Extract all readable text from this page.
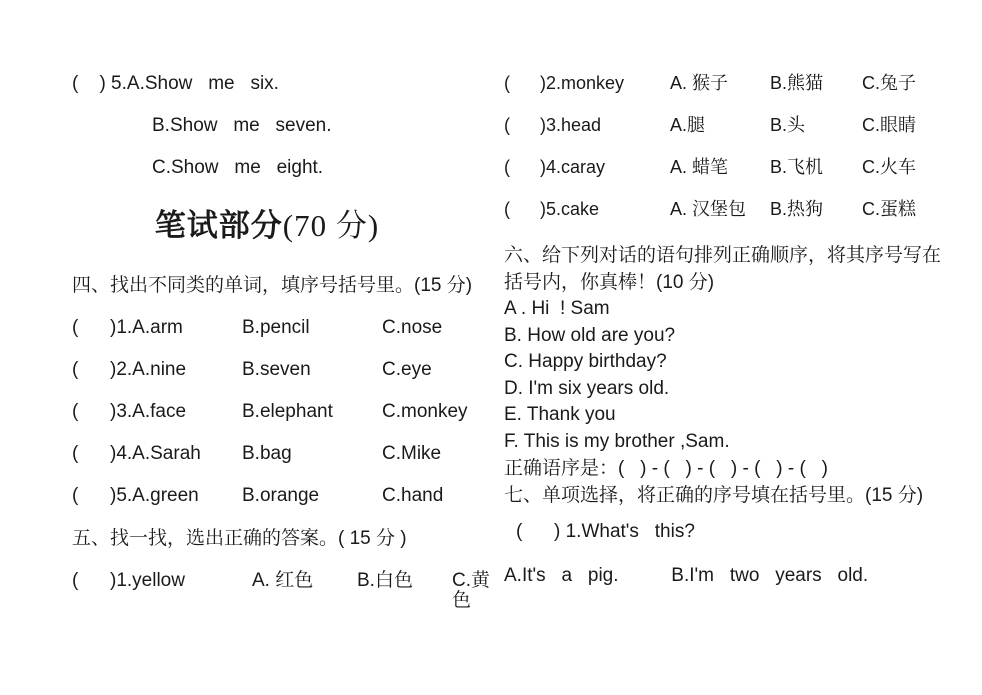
(    ) 5.A.Show   me   six.
B.Show   me   seven.
C.Show   me   eight.
笔试部分(70 分)
四、找出不同类的单词，填序号括号里。(15 分)
(      )1.A.arm	B.pencil	C.nose
(      )2.A.nine	B.seven	C.eye
(      )3.A.face	B.elephant	C.monkey
(      )4.A.Sarah	B.bag	C.Mike
(      )5.A.green	B.orange	C.hand
五、找一找，选出正确的答案。( 15 分 )
(      )1.yellow	A. 红色	B.白色	C.黄色
(      )2.monkey	A. 猴子	B.熊猫	C.兔子
(      )3.head	A.腿	B.头	C.眼睛
(      )4.caray	A. 蜡笔	B.飞机	C.火车
(      )5.cake	A. 汉堡包	B.热狗	C.蛋糕
六、给下列对话的语句排列正确顺序，将其序号写在括号内，你真棒！(10 分)
A . Hi  ! Sam
B. How old are you?
C. Happy birthday?
D. I'm six years old.
E. Thank you
F. This is my brother ,Sam.
正确语序是：(   ) - (   ) - (   ) - (   ) - (   )
七、单项选择，将正确的序号填在括号里。(15 分)
(      ) 1.What's   this?
A.It's   a   pig.          B.I'm   two   years   old.
